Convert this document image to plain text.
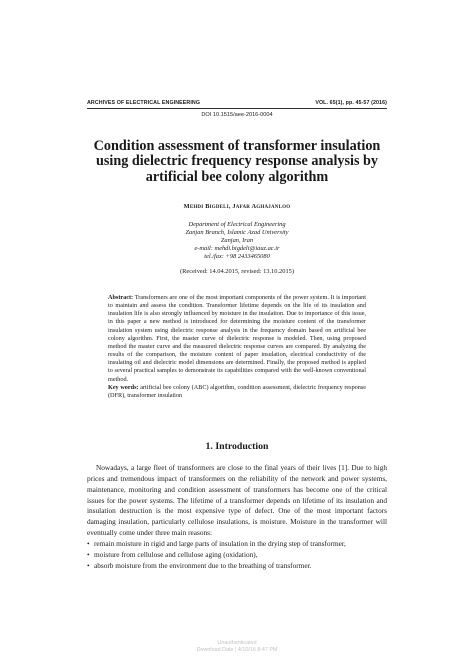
ARCHIVES OF ELECTRICAL ENGINEERING	VOL. 65(1), pp. 45-57 (2016)
DOI 10.1515/aee-2016-0004
Condition assessment of transformer insulation using dielectric frequency response analysis by artificial bee colony algorithm
MEHDI BIGDELI, JAFAR AGHAJANLOO
Department of Electrical Engineering
Zanjan Branch, Islamic Azad University
Zanjan, Iran
e-mail: mehdi.bigdeli@iauz.ac.ir
tel./fax: +98 2433465080
(Received: 14.04.2015, revised: 13.10.2015)

Abstract: Transformers are one of the most important components of the power system. It is important to maintain and assess the condition. Transformer lifetime depends on the life of its insulation and insulation life is also strongly influenced by moisture in the insulation. Due to importance of this issue, in this paper a new method is introduced for determining the moisture content of the transformer insulation system using dielectric response analysis in the frequency domain based on artificial bee colony algorithm. First, the master curve of dielectric response is modeled. Then, using proposed method the master curve and the measured dielectric response curves are compared. By analyzing the results of the comparison, the moisture content of paper insulation, electrical conductivity of the insulating oil and dielectric model dimensions are determined. Finally, the proposed method is applied to several practical samples to demonstrate its capabilities compared with the well-known conventional method.

Key words: artificial bee colony (ABC) algorithm, condition assessment, dielectric frequency response (DFR), transformer insulation

1. Introduction

Nowadays, a large fleet of transformers are close to the final years of their lives [1]. Due to high prices and tremendous impact of transformers on the reliability of the network and power systems, maintenance, monitoring and condition assessment of transformers has become one of the critical issues for the power systems. The lifetime of a transformer depends on lifetime of its insulation and insulation destruction is the most expensive type of defect. One of the most important factors damaging insulation, particularly cellulose insulations, is moisture. Moisture in the transformer will eventually come under three main reasons:

• remain moisture in rigid and large parts of insulation in the drying step of transformer,
• moisture from cellulose and cellulose aging (oxidation),
• absorb moisture from the environment due to the breathing of transformer.
Unauthenticated
Download Date | 4/10/16 8:47 PM
